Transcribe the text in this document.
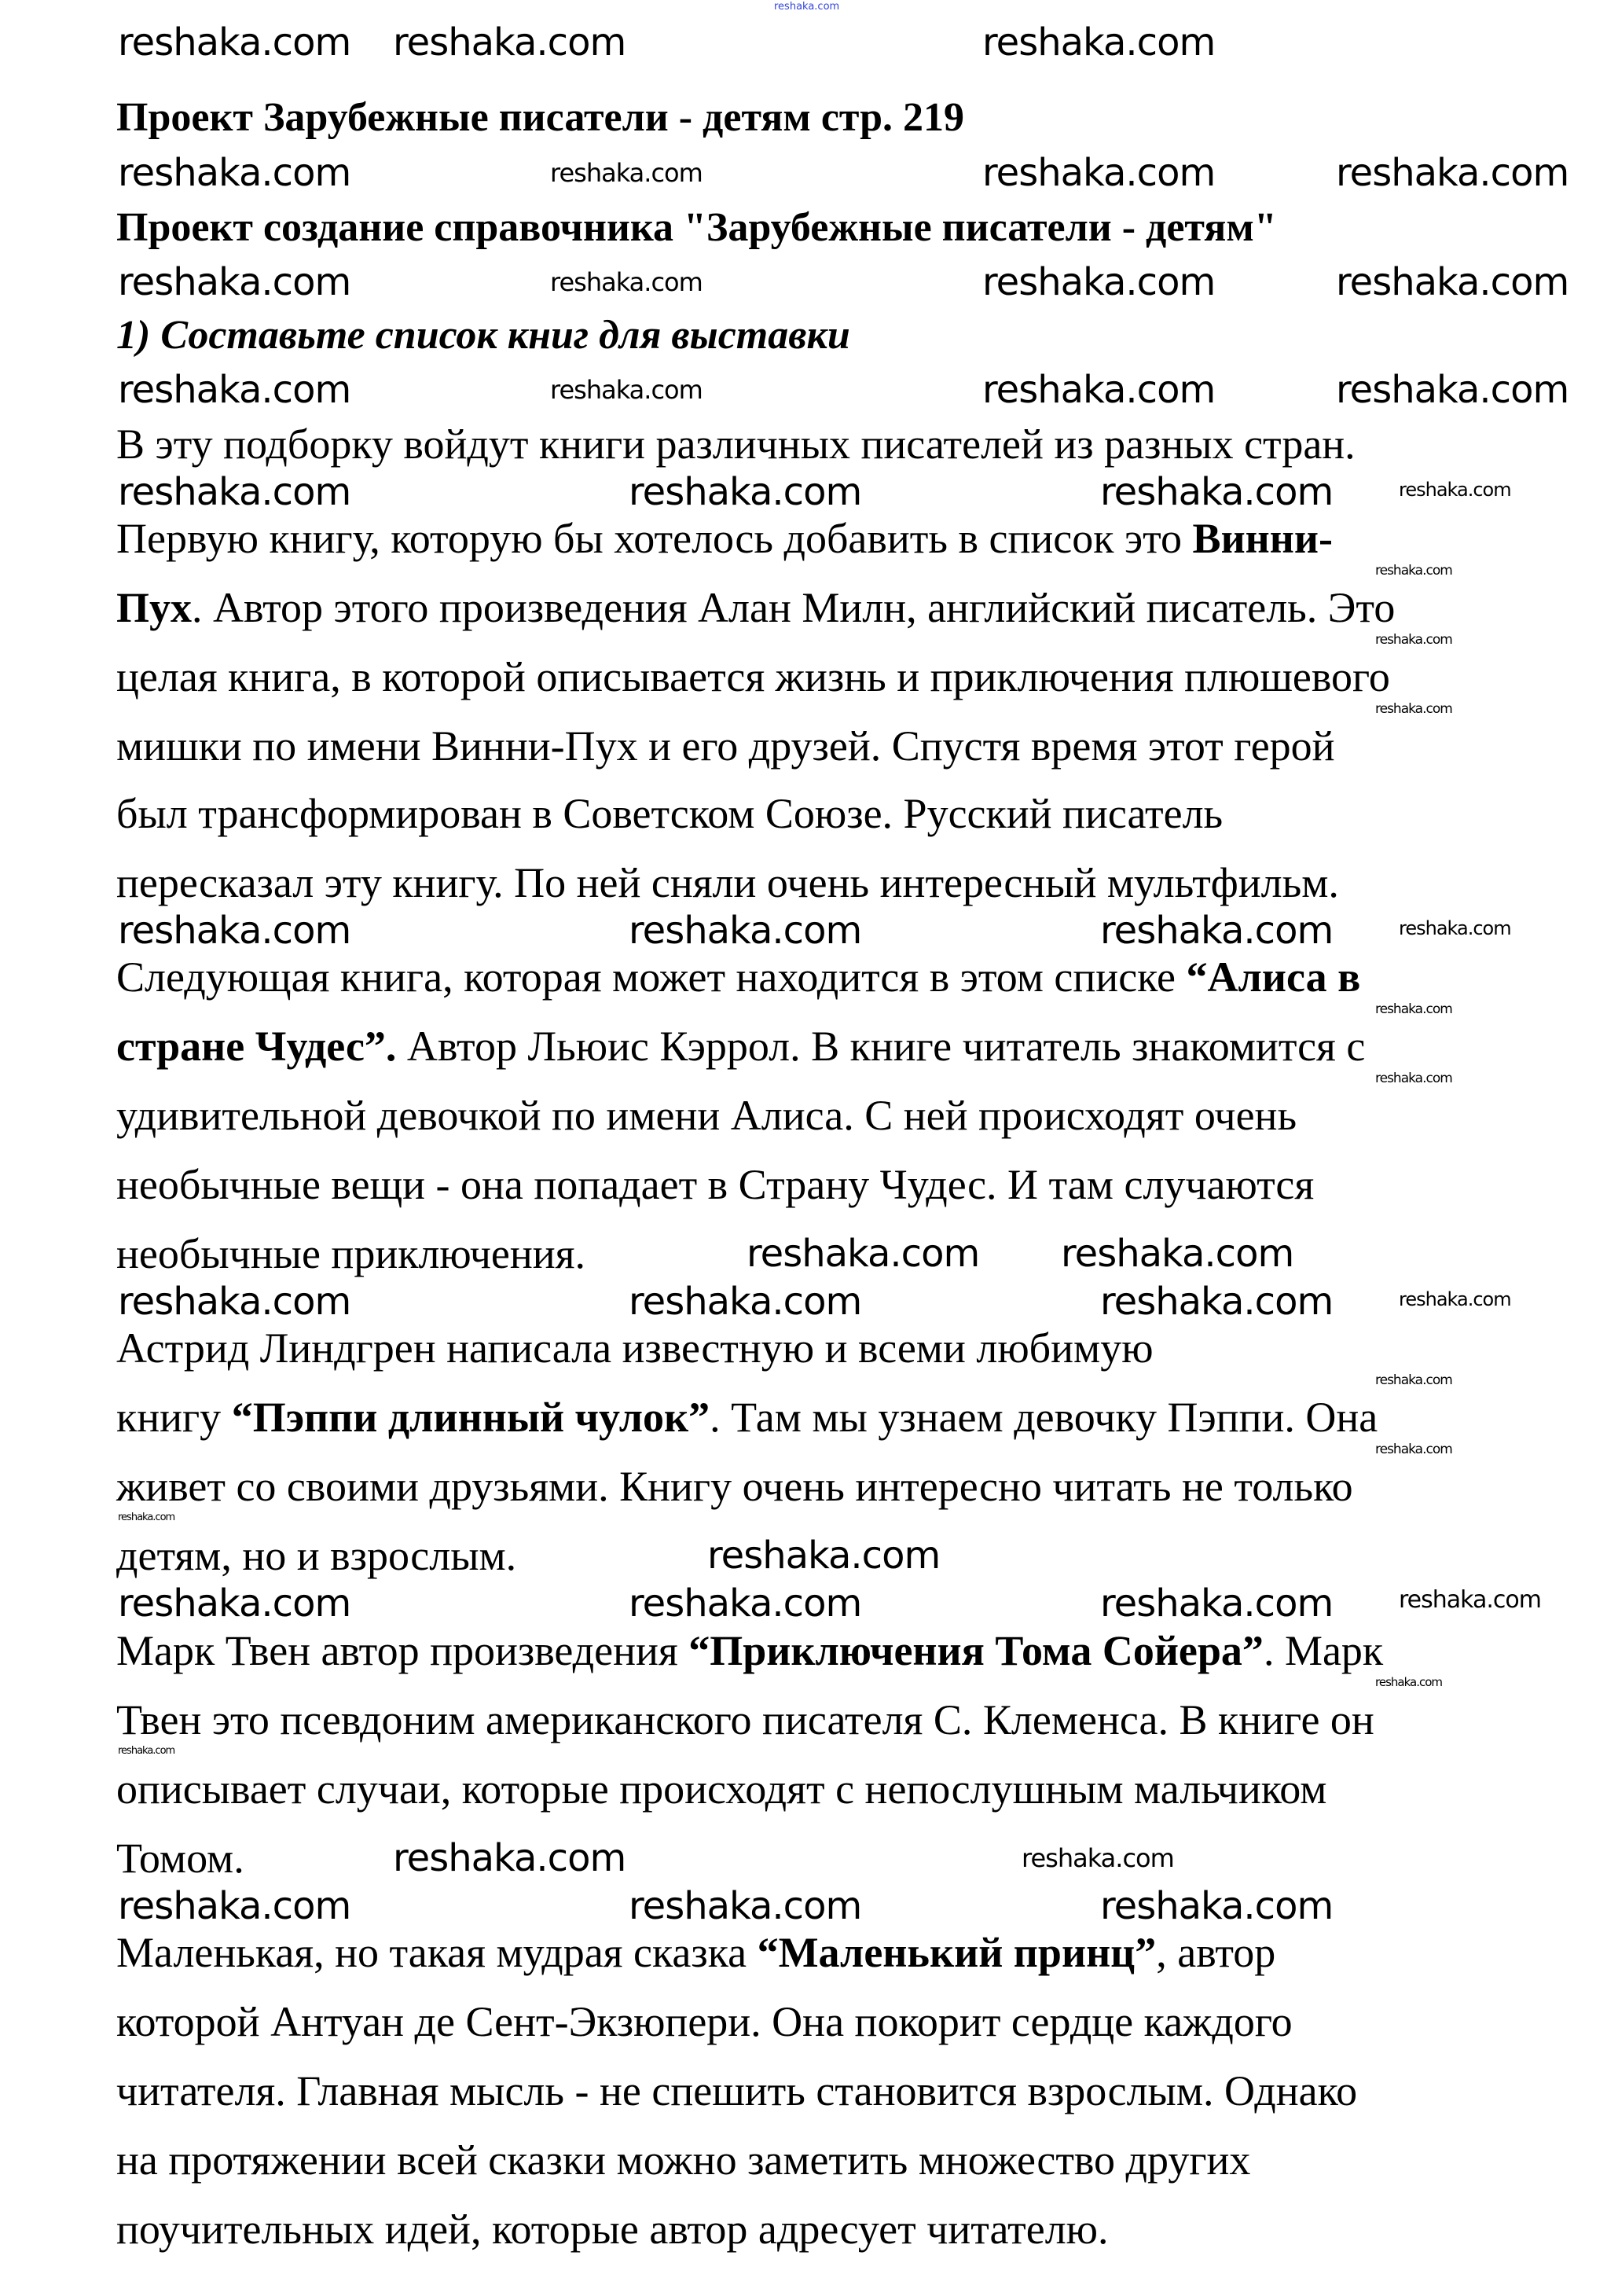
reshaka.com
Проект Зарубежные писатели - детям стр. 219
Проект создание справочника "Зарубежные писатели - детям"
1) Составьте список книг для выставки
В эту подборку войдут книги различных писателей из разных стран.
Первую книгу, которую бы хотелось добавить в список это Винни-
Пух. Автор этого произведения Алан Милн, английский писатель. Это
целая книга, в которой описывается жизнь и приключения плюшевого
мишки по имени Винни-Пух и его друзей. Спустя время этот герой
был трансформирован в Советском Союзе. Русский писатель
пересказал эту книгу. По ней сняли очень интересный мультфильм.
Следующая книга, которая может находится в этом списке “Алиса в
стране Чудес”. Автор Льюис Кэррол. В книге читатель знакомится с
удивительной девочкой по имени Алиса. С ней происходят очень
необычные вещи - она попадает в Страну Чудес. И там случаются
необычные приключения.
Астрид Линдгрен написала известную и всеми любимую
книгу “Пэппи длинный чулок”. Там мы узнаем девочку Пэппи. Она
живет со своими друзьями. Книгу очень интересно читать не только
детям, но и взрослым.
Марк Твен автор произведения “Приключения Тома Сойера”. Марк
Твен это псевдоним американского писателя С. Клеменса. В книге он
описывает случаи, которые происходят с непослушным мальчиком
Томом.
Маленькая, но такая мудрая сказка “Маленький принц”, автор
которой Антуан де Сент-Экзюпери. Она покорит сердце каждого
читателя. Главная мысль - не спешить становится взрослым. Однако
на протяжении всей сказки можно заметить множество других
поучительных идей, которые автор адресует читателю.
reshaka.com reshaka.com	reshaka.com
reshaka.com	reshaka.com	reshaka.com	reshaka.com
reshaka.com	reshaka.com	reshaka.com	reshaka.com
reshaka.com	reshaka.com	reshaka.com	reshaka.com
reshaka.com	reshaka.com	reshaka.com
reshaka.com	reshaka.com	reshaka.com
reshaka.com	reshaka.com	reshaka.com
reshaka.com	reshaka.com	reshaka.com
reshaka.com	reshaka.com	reshaka.com
reshaka.com reshaka.com
reshaka.com
reshaka.com	reshaka.com
reshaka.com
reshaka.com
reshaka.com
reshaka.com
reshaka.com
reshaka.com
reshaka.com
reshaka.com
reshaka.com
reshaka.com
reshaka.com
reshaka.com
reshaka.com
reshaka.com
